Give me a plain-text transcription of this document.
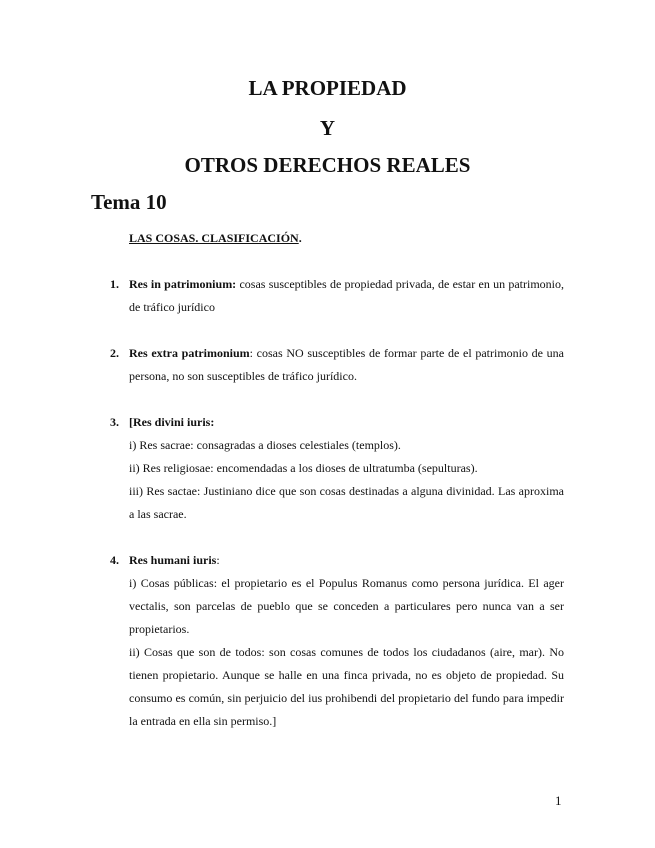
LA PROPIEDAD
Y
OTROS DERECHOS REALES
Tema 10
LAS COSAS. CLASIFICACIÓN.
1. Res in patrimonium: cosas susceptibles de propiedad privada, de estar en un patrimonio, de tráfico jurídico

2. Res extra patrimonium: cosas NO susceptibles de formar parte de el patrimonio de una persona, no son susceptibles de tráfico jurídico.

3. [Res divini iuris:

i) Res sacrae: consagradas a dioses celestiales (templos).

ii) Res religiosae: encomendadas a los dioses de ultratumba (sepulturas).

iii) Res sactae: Justiniano dice que son cosas destinadas a alguna divinidad. Las aproxima a las sacrae.

4. Res humani iuris:

i) Cosas públicas: el propietario es el Populus Romanus como persona jurídica. El ager vectalis, son parcelas de pueblo que se conceden a particulares pero nunca van a ser propietarios.

ii) Cosas que son de todos: son cosas comunes de todos los ciudadanos (aire, mar). No tienen propietario. Aunque se halle en una finca privada, no es objeto de propiedad. Su consumo es común, sin perjuicio del ius prohibendi del propietario del fundo para impedir la entrada en ella sin permiso.]

1
